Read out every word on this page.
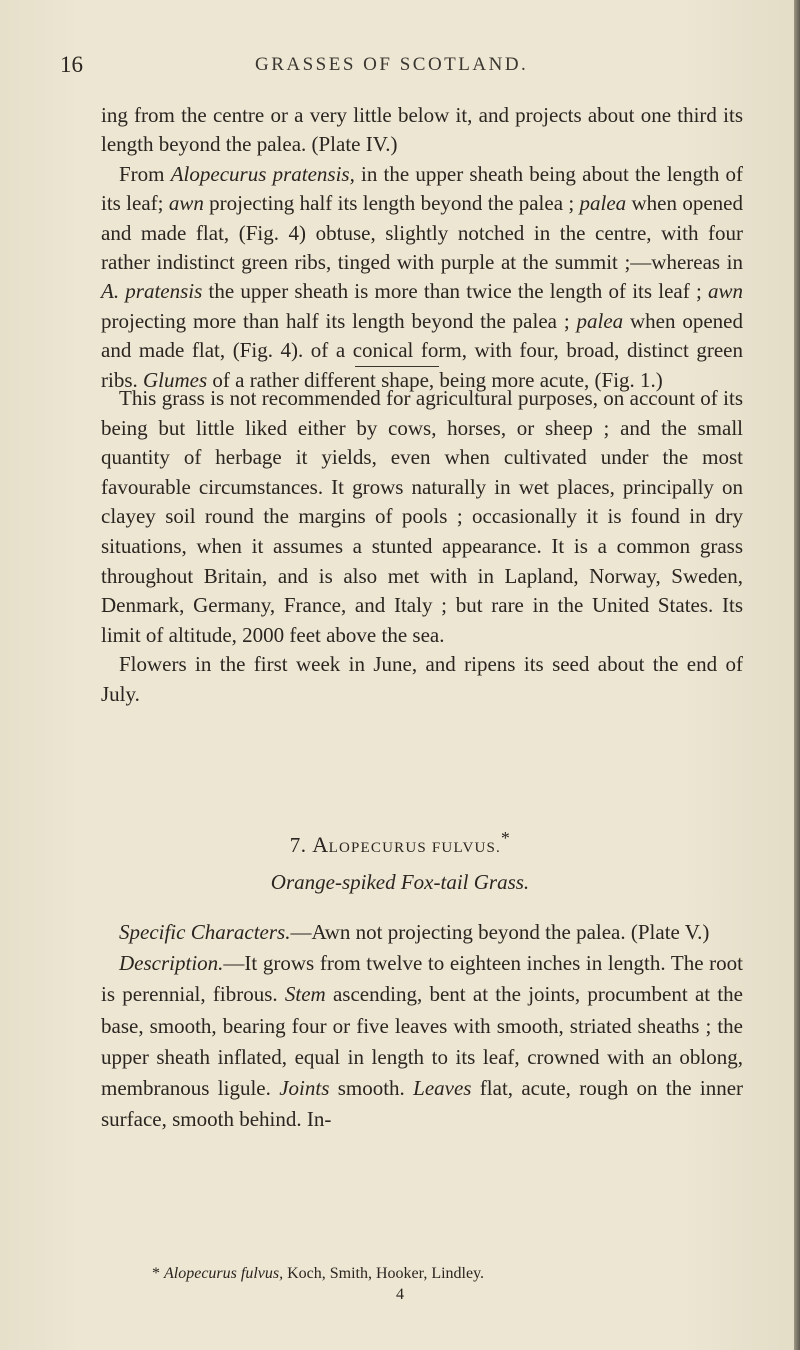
16	GRASSES OF SCOTLAND.

ing from the centre or a very little below it, and projects about one third its length beyond the palea. (Plate IV.)

From Alopecurus pratensis, in the upper sheath being about the length of its leaf; awn projecting half its length beyond the palea ; palea when opened and made flat, (Fig. 4) obtuse, slightly notched in the centre, with four rather indistinct green ribs, tinged with purple at the summit ;—whereas in A. pratensis the upper sheath is more than twice the length of its leaf ; awn projecting more than half its length beyond the palea ; palea when opened and made flat, (Fig. 4). of a conical form, with four, broad, distinct green ribs. Glumes of a rather different shape, being more acute, (Fig. 1.)

This grass is not recommended for agricultural purposes, on account of its being but little liked either by cows, horses, or sheep ; and the small quantity of herbage it yields, even when cultivated under the most favourable circumstances. It grows naturally in wet places, principally on clayey soil round the margins of pools ; occasionally it is found in dry situations, when it assumes a stunted appearance. It is a common grass throughout Britain, and is also met with in Lapland, Norway, Sweden, Denmark, Germany, France, and Italy ; but rare in the United States. Its limit of altitude, 2000 feet above the sea.

Flowers in the first week in June, and ripens its seed about the end of July.

7. ALOPECURUS FULVUS.*
Orange-spiked Fox-tail Grass.

Specific Characters.—Awn not projecting beyond the palea. (Plate V.)

Description.—It grows from twelve to eighteen inches in length. The root is perennial, fibrous. Stem ascending, bent at the joints, procumbent at the base, smooth, bearing four or five leaves with smooth, striated sheaths ; the upper sheath inflated, equal in length to its leaf, crowned with an oblong, membranous ligule. Joints smooth. Leaves flat, acute, rough on the inner surface, smooth behind. In-

* Alopecurus fulvus, Koch, Smith, Hooker, Lindley.
4
